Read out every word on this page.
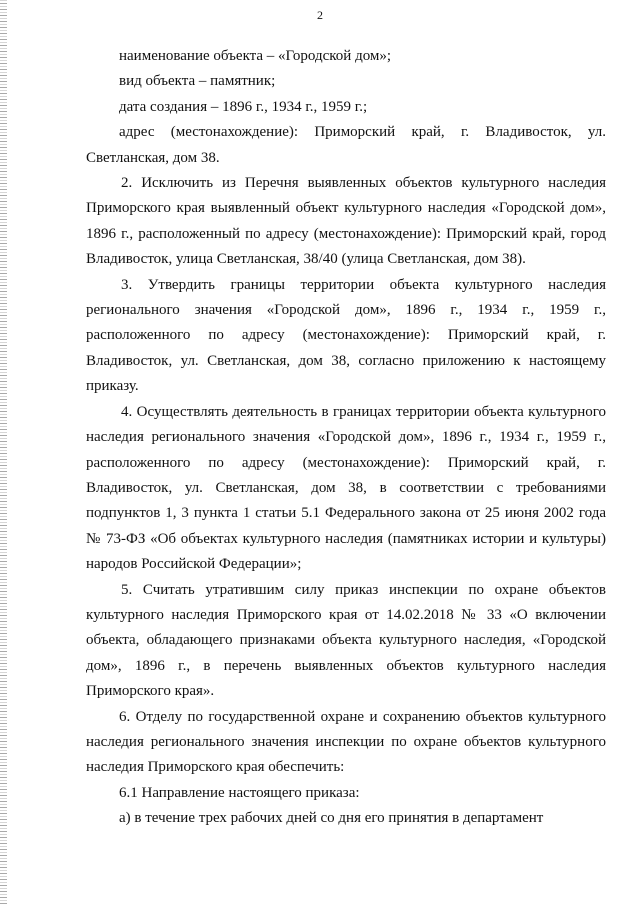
2

наименование объекта – «Городской дом»;

вид объекта – памятник;

дата создания – 1896 г., 1934 г., 1959 г.;

адрес (местонахождение): Приморский край, г. Владивосток, ул. Светланская, дом 38.

2. Исключить из Перечня выявленных объектов культурного наследия Приморского края выявленный объект культурного наследия «Городской дом», 1896 г., расположенный по адресу (местонахождение): Приморский край, город Владивосток, улица Светланская, 38/40 (улица Светланская, дом 38).

3. Утвердить границы территории объекта культурного наследия регионального значения «Городской дом», 1896 г., 1934 г., 1959 г., расположенного по адресу (местонахождение): Приморский край, г. Владивосток, ул. Светланская, дом 38, согласно приложению к настоящему приказу.

4. Осуществлять деятельность в границах территории объекта культурного наследия регионального значения «Городской дом», 1896 г., 1934 г., 1959 г., расположенного по адресу (местонахождение): Приморский край, г. Владивосток, ул. Светланская, дом 38, в соответствии с требованиями подпунктов 1, 3 пункта 1 статьи 5.1 Федерального закона от 25 июня 2002 года № 73-ФЗ «Об объектах культурного наследия (памятниках истории и культуры) народов Российской Федерации»;

5. Считать утратившим силу приказ инспекции по охране объектов культурного наследия Приморского края от 14.02.2018 № 33 «О включении объекта, обладающего признаками объекта культурного наследия, «Городской дом», 1896 г., в перечень выявленных объектов культурного наследия Приморского края».

6. Отделу по государственной охране и сохранению объектов культурного наследия регионального значения инспекции по охране объектов культурного наследия Приморского края обеспечить:

6.1 Направление настоящего приказа:

а) в течение трех рабочих дней со дня его принятия в департамент
